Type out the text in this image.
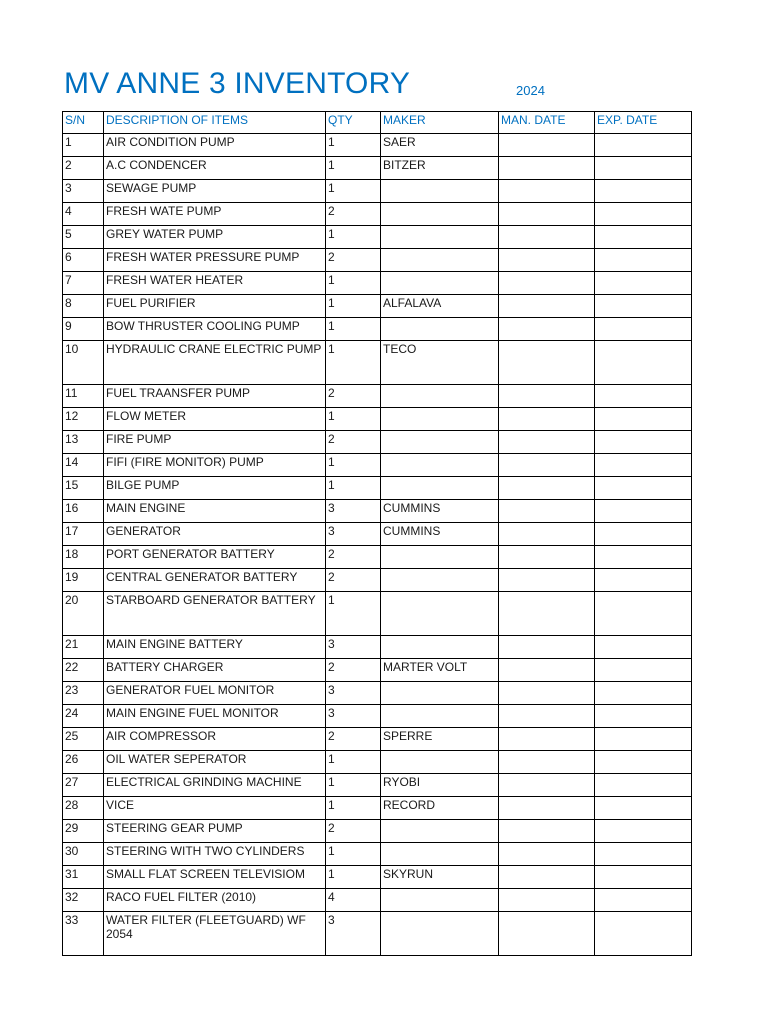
MV ANNE 3 INVENTORY	2024
S/N	DESCRIPTION OF ITEMS	QTY	MAKER	MAN. DATE	EXP. DATE
1	AIR CONDITION PUMP	1	SAER		
2	A.C CONDENCER	1	BITZER		
3	SEWAGE PUMP	1			
4	FRESH WATE PUMP	2			
5	GREY WATER PUMP	1			
6	FRESH WATER PRESSURE PUMP	2			
7	FRESH WATER HEATER	1			
8	FUEL PURIFIER	1	ALFALAVA		
9	BOW THRUSTER COOLING PUMP	1			
10	HYDRAULIC CRANE ELECTRIC PUMP	1	TECO		
11	FUEL TRAANSFER PUMP	2			
12	FLOW METER	1			
13	FIRE PUMP	2			
14	FIFI (FIRE MONITOR) PUMP	1			
15	BILGE PUMP	1			
16	MAIN ENGINE	3	CUMMINS		
17	GENERATOR	3	CUMMINS		
18	PORT GENERATOR BATTERY	2			
19	CENTRAL GENERATOR BATTERY	2			
20	STARBOARD GENERATOR BATTERY	1			
21	MAIN ENGINE BATTERY	3			
22	BATTERY CHARGER	2	MARTER VOLT		
23	GENERATOR FUEL MONITOR	3			
24	MAIN ENGINE FUEL MONITOR	3			
25	AIR COMPRESSOR	2	SPERRE		
26	OIL WATER SEPERATOR	1			
27	ELECTRICAL GRINDING MACHINE	1	RYOBI		
28	VICE	1	RECORD		
29	STEERING GEAR PUMP	2			
30	STEERING WITH TWO CYLINDERS	1			
31	SMALL FLAT SCREEN TELEVISIOM	1	SKYRUN		
32	RACO FUEL FILTER (2010)	4			
33	WATER FILTER (FLEETGUARD) WF 2054	3			
